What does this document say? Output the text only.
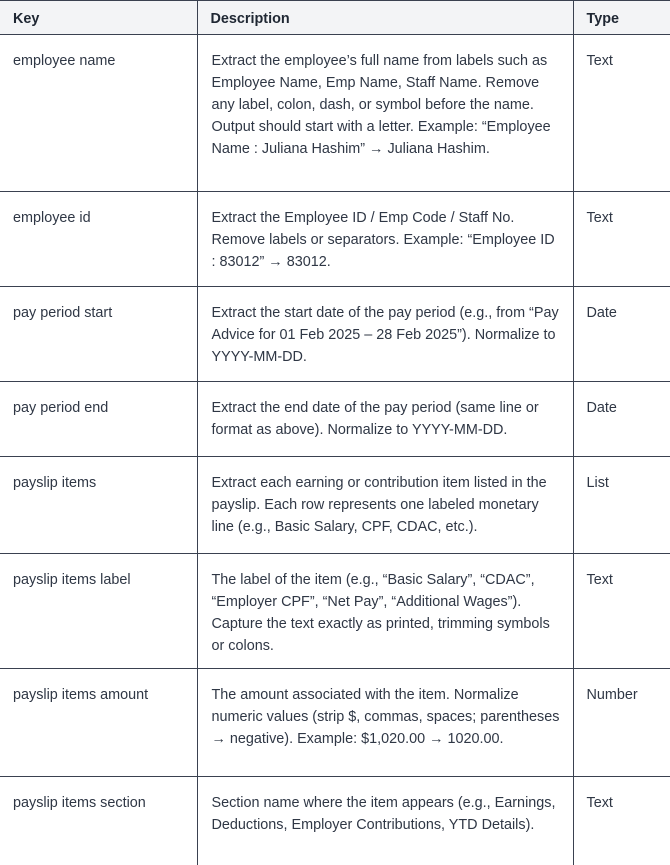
Key	Description	Type
employee name	Extract the employee’s full name from labels such as Employee Name, Emp Name, Staff Name. Remove any label, colon, dash, or symbol before the name. Output should start with a letter. Example: “Employee Name : Juliana Hashim” → Juliana Hashim.	Text
employee id	Extract the Employee ID / Emp Code / Staff No. Remove labels or separators. Example: “Employee ID : 83012” → 83012.	Text
pay period start	Extract the start date of the pay period (e.g., from “Pay Advice for 01 Feb 2025 – 28 Feb 2025”). Normalize to YYYY-MM-DD.	Date
pay period end	Extract the end date of the pay period (same line or format as above). Normalize to YYYY-MM-DD.	Date
payslip items	Extract each earning or contribution item listed in the payslip. Each row represents one labeled monetary line (e.g., Basic Salary, CPF, CDAC, etc.).	List
payslip items label	The label of the item (e.g., “Basic Salary”, “CDAC”, “Employer CPF”, “Net Pay”, “Additional Wages”). Capture the text exactly as printed, trimming symbols or colons.	Text
payslip items amount	The amount associated with the item. Normalize numeric values (strip $, commas, spaces; parentheses → negative). Example: $1,020.00 → 1020.00.	Number
payslip items section	Section name where the item appears (e.g., Earnings, Deductions, Employer Contributions, YTD Details).	Text
